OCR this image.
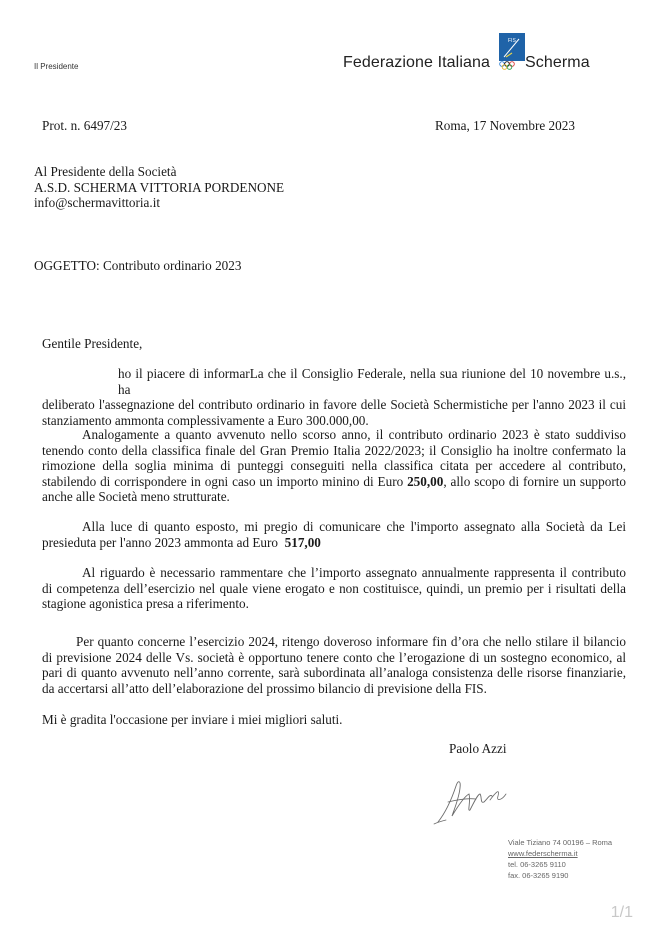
Il Presidente	Federazione Italiana
FIS
Scherma
Prot. n. 6497/23	Roma, 17 Novembre 2023
Al Presidente della Società
A.S.D. SCHERMA VITTORIA PORDENONE
info@schermavittoria.it
OGGETTO: Contributo ordinario 2023
Gentile Presidente,
ho il piacere di informarLa che il Consiglio Federale, nella sua riunione del 10 novembre u.s., ha
deliberato l'assegnazione del contributo ordinario in favore delle Società Schermistiche per l'anno 2023 il cui
stanziamento ammonta complessivamente a Euro 300.000,00.
Analogamente a quanto avvenuto nello scorso anno, il contributo ordinario 2023 è stato suddiviso
tenendo conto della classifica finale del Gran Premio Italia 2022/2023; il Consiglio ha inoltre confermato la
rimozione della soglia minima di punteggi conseguiti nella classifica citata per accedere al contributo,
stabilendo di corrispondere in ogni caso un importo minino di Euro 250,00, allo scopo di fornire un supporto
anche alle Società meno strutturate.
Alla luce di quanto esposto, mi pregio di comunicare che l'importo assegnato alla Società da Lei
presieduta per l'anno 2023 ammonta ad Euro 517,00
Al riguardo è necessario rammentare che l’importo assegnato annualmente rappresenta il contributo
di competenza dell’esercizio nel quale viene erogato e non costituisce, quindi, un premio per i risultati della
stagione agonistica presa a riferimento.
Per quanto concerne l’esercizio 2024, ritengo doveroso informare fin d’ora che nello stilare il bilancio
di previsione 2024 delle Vs. società è opportuno tenere conto che l’erogazione di un sostegno economico, al
pari di quanto avvenuto nell’anno corrente, sarà subordinata all’analoga consistenza delle risorse finanziarie,
da accertarsi all’atto dell’elaborazione del prossimo bilancio di previsione della FIS.
Mi è gradita l'occasione per inviare i miei migliori saluti.
Paolo Azzi
Viale Tiziano 74 00196 – Roma
www.federscherma.it
tel. 06-3265 9110
fax. 06-3265 9190
1/1
